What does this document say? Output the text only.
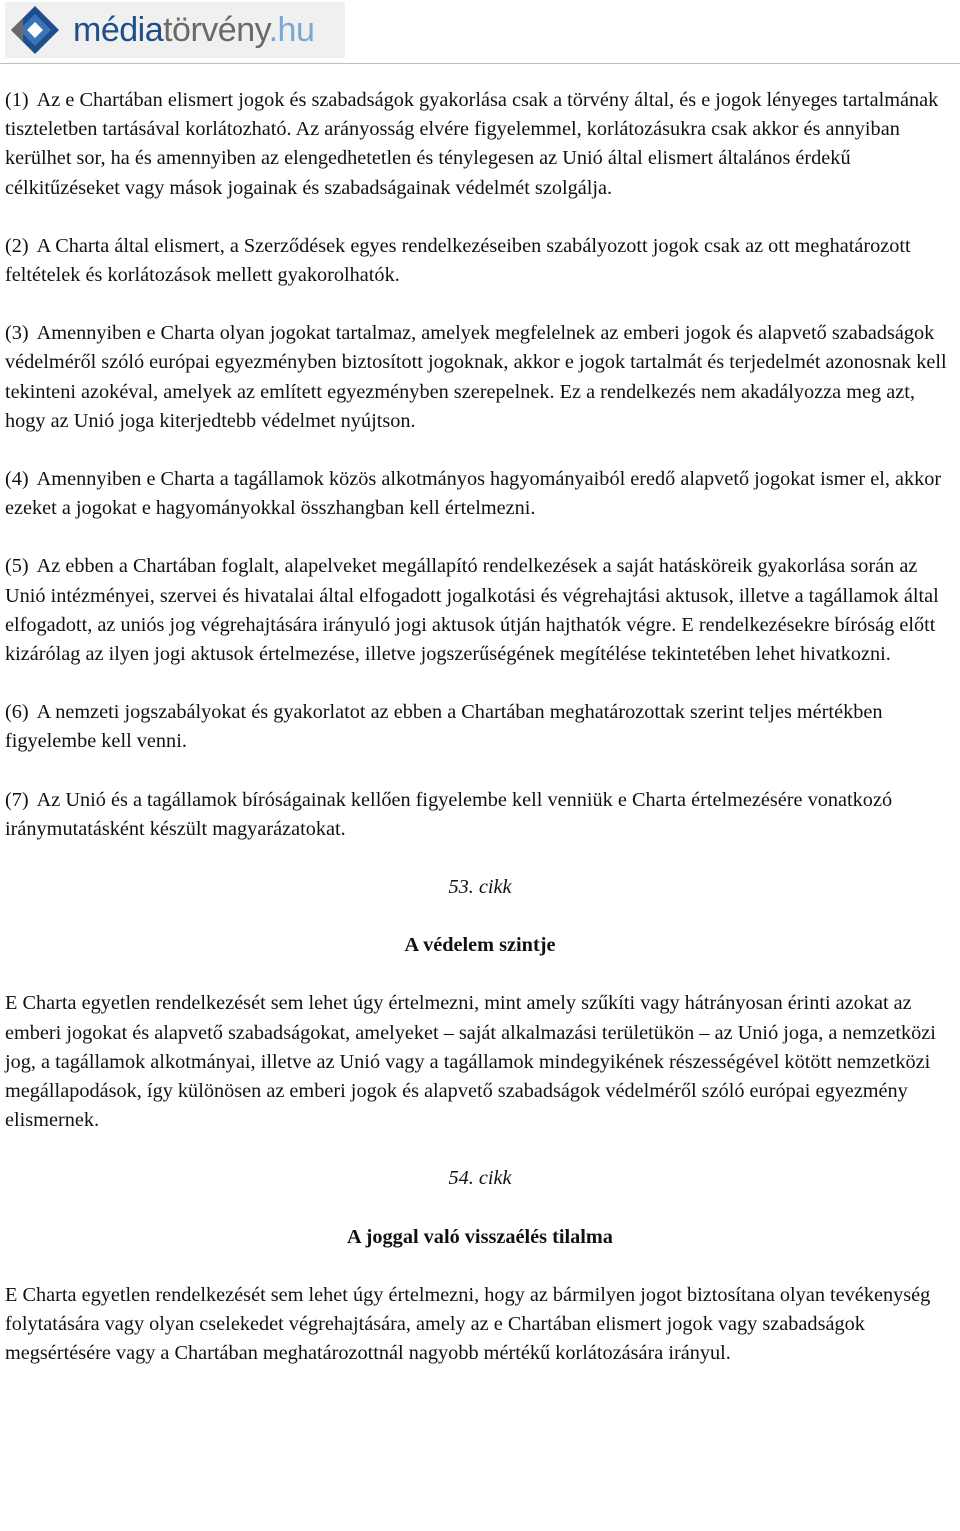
médiatörvény.hu

(1) Az e Chartában elismert jogok és szabadságok gyakorlása csak a törvény által, és e jogok lényeges tartalmának tiszteletben tartásával korlátozható. Az arányosság elvére figyelemmel, korlátozásukra csak akkor és annyiban kerülhet sor, ha és amennyiben az elengedhetetlen és ténylegesen az Unió által elismert általános érdekű célkitűzéseket vagy mások jogainak és szabadságainak védelmét szolgálja.

(2) A Charta által elismert, a Szerződések egyes rendelkezéseiben szabályozott jogok csak az ott meghatározott feltételek és korlátozások mellett gyakorolhatók.

(3) Amennyiben e Charta olyan jogokat tartalmaz, amelyek megfelelnek az emberi jogok és alapvető szabadságok védelméről szóló európai egyezményben biztosított jogoknak, akkor e jogok tartalmát és terjedelmét azonosnak kell tekinteni azokéval, amelyek az említett egyezményben szerepelnek. Ez a rendelkezés nem akadályozza meg azt, hogy az Unió joga kiterjedtebb védelmet nyújtson.

(4) Amennyiben e Charta a tagállamok közös alkotmányos hagyományaiból eredő alapvető jogokat ismer el, akkor ezeket a jogokat e hagyományokkal összhangban kell értelmezni.

(5) Az ebben a Chartában foglalt, alapelveket megállapító rendelkezések a saját hatásköreik gyakorlása során az Unió intézményei, szervei és hivatalai által elfogadott jogalkotási és végrehajtási aktusok, illetve a tagállamok által elfogadott, az uniós jog végrehajtására irányuló jogi aktusok útján hajthatók végre. E rendelkezésekre bíróság előtt kizárólag az ilyen jogi aktusok értelmezése, illetve jogszerűségének megítélése tekintetében lehet hivatkozni.

(6) A nemzeti jogszabályokat és gyakorlatot az ebben a Chartában meghatározottak szerint teljes mértékben figyelembe kell venni.

(7) Az Unió és a tagállamok bíróságainak kellően figyelembe kell venniük e Charta értelmezésére vonatkozó iránymutatásként készült magyarázatokat.

53. cikk

A védelem szintje

E Charta egyetlen rendelkezését sem lehet úgy értelmezni, mint amely szűkíti vagy hátrányosan érinti azokat az emberi jogokat és alapvető szabadságokat, amelyeket – saját alkalmazási területükön – az Unió joga, a nemzetközi jog, a tagállamok alkotmányai, illetve az Unió vagy a tagállamok mindegyikének részességével kötött nemzetközi megállapodások, így különösen az emberi jogok és alapvető szabadságok védelméről szóló európai egyezmény elismernek.

54. cikk

A joggal való visszaélés tilalma

E Charta egyetlen rendelkezését sem lehet úgy értelmezni, hogy az bármilyen jogot biztosítana olyan tevékenység folytatására vagy olyan cselekedet végrehajtására, amely az e Chartában elismert jogok vagy szabadságok megsértésére vagy a Chartában meghatározottnál nagyobb mértékű korlátozására irányul.
